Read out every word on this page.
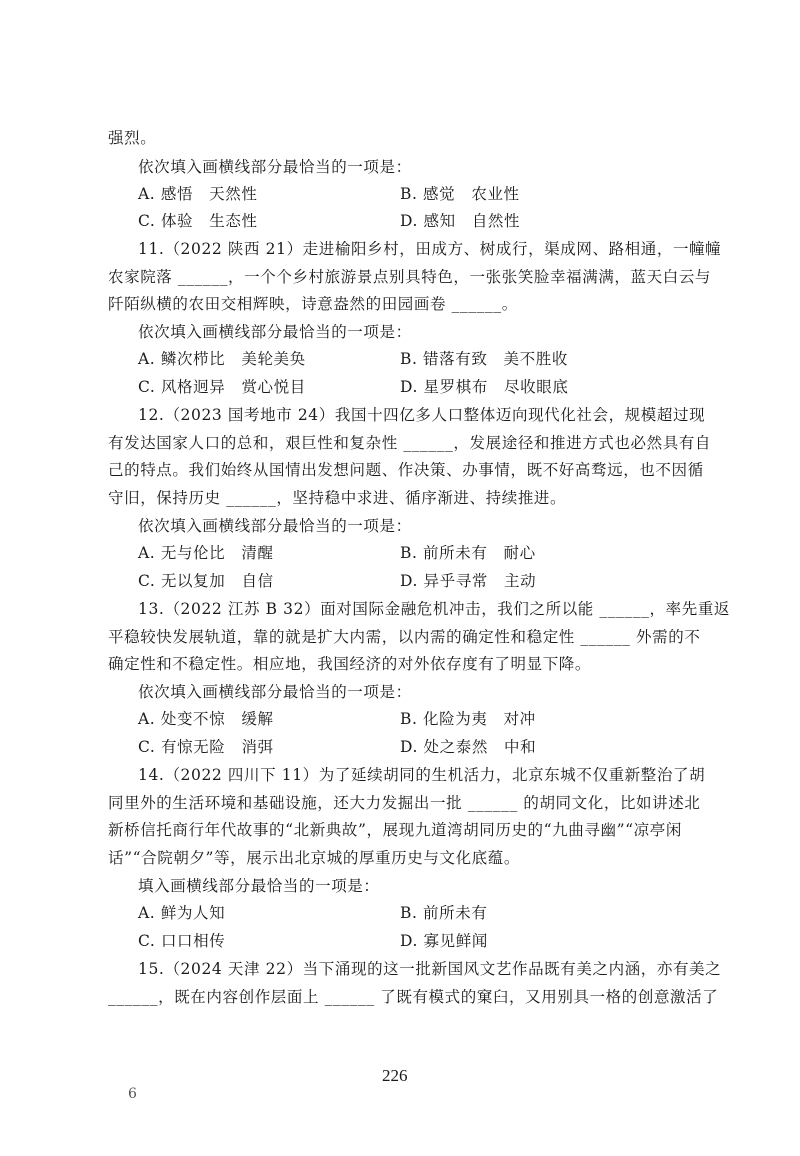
强烈。
依次填入画横线部分最恰当的一项是：
A. 感悟　天然性	B. 感觉　农业性
C. 体验　生态性	D. 感知　自然性
11.（2022 陕西 21）走进榆阳乡村，田成方、树成行，渠成网、路相通，一幢幢
农家院落 ______，一个个乡村旅游景点别具特色，一张张笑脸幸福满满，蓝天白云与
阡陌纵横的农田交相辉映，诗意盎然的田园画卷 ______。
依次填入画横线部分最恰当的一项是：
A. 鳞次栉比　美轮美奂	B. 错落有致　美不胜收
C. 风格迥异　赏心悦目	D. 星罗棋布　尽收眼底
12.（2023 国考地市 24）我国十四亿多人口整体迈向现代化社会，规模超过现
有发达国家人口的总和，艰巨性和复杂性 ______，发展途径和推进方式也必然具有自
己的特点。我们始终从国情出发想问题、作决策、办事情，既不好高骛远，也不因循
守旧，保持历史 ______，坚持稳中求进、循序渐进、持续推进。
依次填入画横线部分最恰当的一项是：
A. 无与伦比　清醒	B. 前所未有　耐心
C. 无以复加　自信	D. 异乎寻常　主动
13.（2022 江苏 B 32）面对国际金融危机冲击，我们之所以能 ______，率先重返
平稳较快发展轨道，靠的就是扩大内需，以内需的确定性和稳定性 ______ 外需的不
确定性和不稳定性。相应地，我国经济的对外依存度有了明显下降。
依次填入画横线部分最恰当的一项是：
A. 处变不惊　缓解	B. 化险为夷　对冲
C. 有惊无险　消弭	D. 处之泰然　中和
14.（2022 四川下 11）为了延续胡同的生机活力，北京东城不仅重新整治了胡
同里外的生活环境和基础设施，还大力发掘出一批 ______ 的胡同文化，比如讲述北
新桥信托商行年代故事的“北新典故”，展现九道湾胡同历史的“九曲寻幽”“凉亭闲
话”“合院朝夕”等，展示出北京城的厚重历史与文化底蕴。
填入画横线部分最恰当的一项是：
A. 鲜为人知	B. 前所未有
C. 口口相传	D. 寡见鲜闻
15.（2024 天津 22）当下涌现的这一批新国风文艺作品既有美之内涵，亦有美之
______，既在内容创作层面上 ______ 了既有模式的窠臼，又用别具一格的创意激活了
226
6
